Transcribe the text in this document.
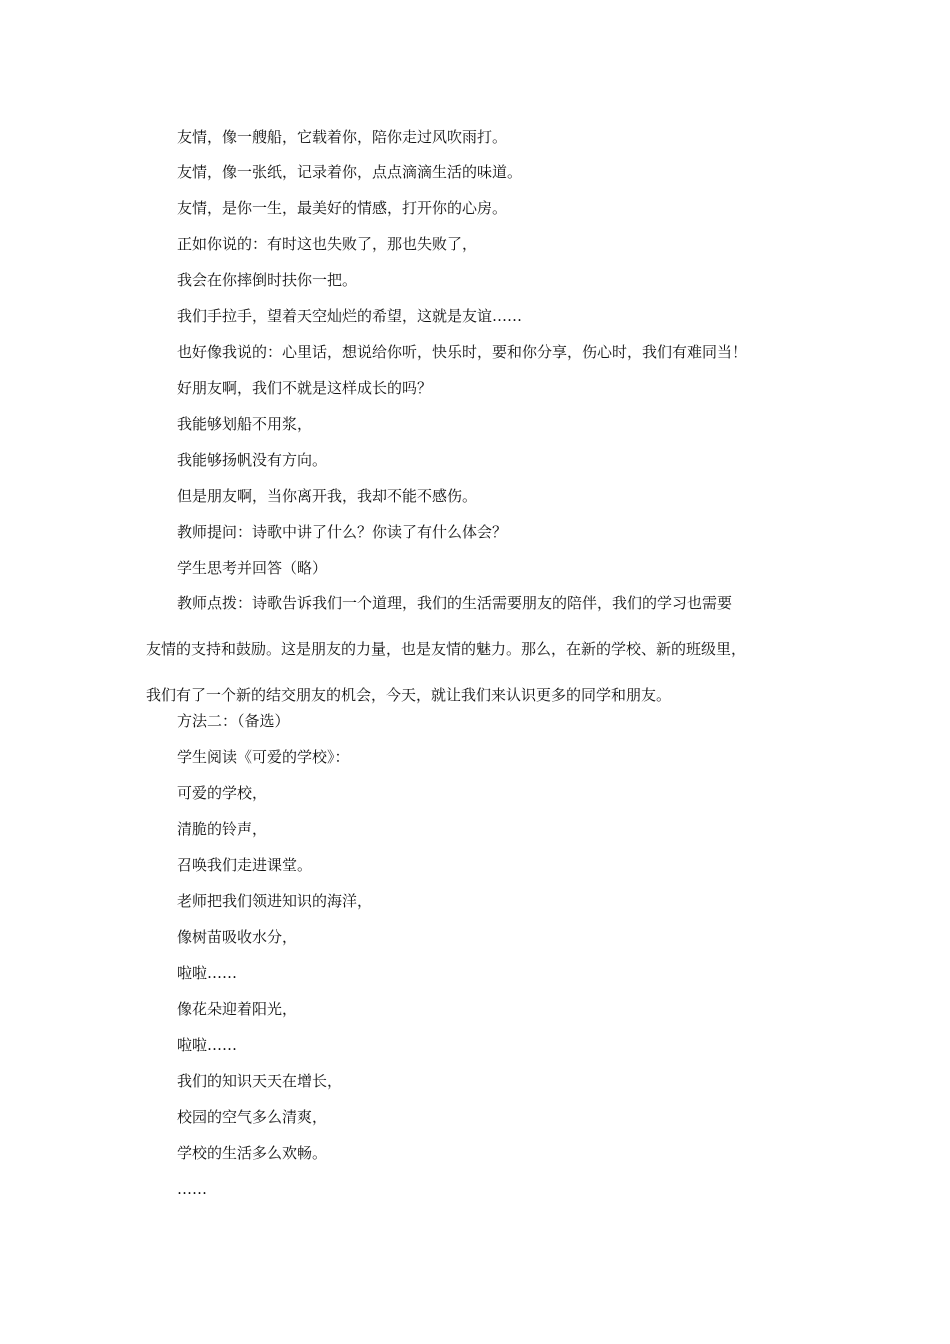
友情，像一艘船，它载着你，陪你走过风吹雨打。
友情，像一张纸，记录着你，点点滴滴生活的味道。
友情，是你一生，最美好的情感，打开你的心房。
正如你说的：有时这也失败了，那也失败了，
我会在你摔倒时扶你一把。
我们手拉手，望着天空灿烂的希望，这就是友谊……
也好像我说的：心里话，想说给你听，快乐时，要和你分享，伤心时，我们有难同当！
好朋友啊，我们不就是这样成长的吗？
我能够划船不用浆，
我能够扬帆没有方向。
但是朋友啊，当你离开我，我却不能不感伤。
教师提问：诗歌中讲了什么？你读了有什么体会？
学生思考并回答（略）
教师点拨：诗歌告诉我们一个道理，我们的生活需要朋友的陪伴，我们的学习也需要
友情的支持和鼓励。这是朋友的力量，也是友情的魅力。那么，在新的学校、新的班级里，
我们有了一个新的结交朋友的机会，今天，就让我们来认识更多的同学和朋友。
方法二：（备选）
学生阅读《可爱的学校》：
可爱的学校，
清脆的铃声，
召唤我们走进课堂。
老师把我们领进知识的海洋，
像树苗吸收水分，
啦啦……
像花朵迎着阳光，
啦啦……
我们的知识天天在增长，
校园的空气多么清爽，
学校的生活多么欢畅。
……
